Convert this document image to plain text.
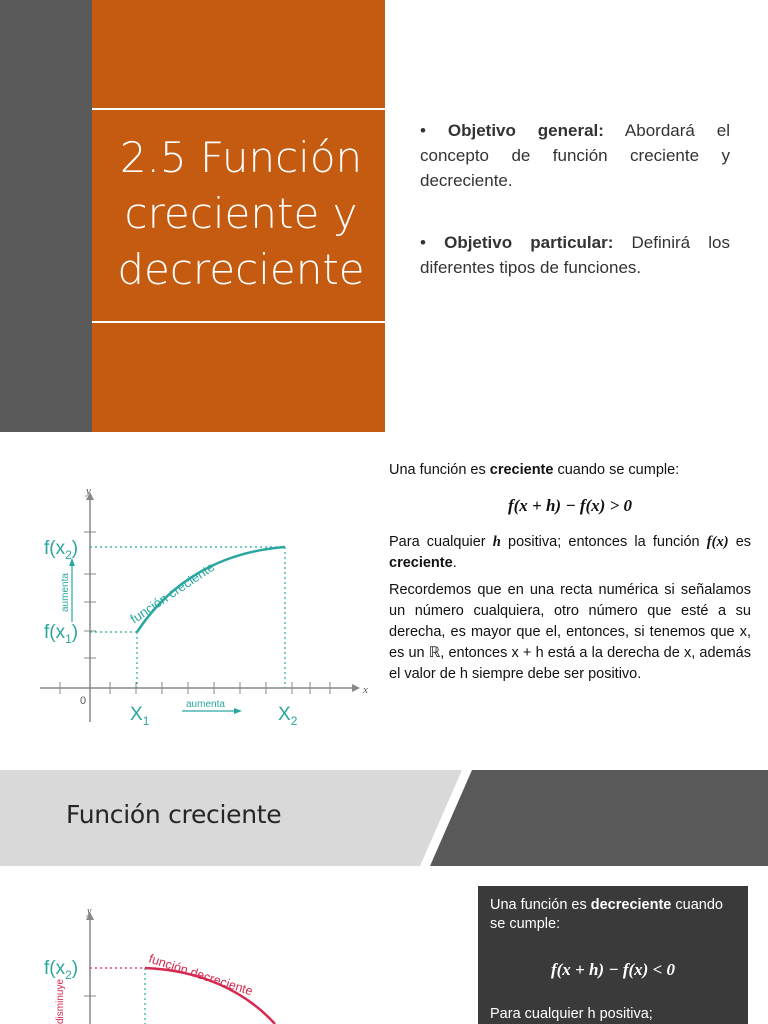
2.5 Función creciente y decreciente

• Objetivo general: Abordará el concepto de función creciente y decreciente.

• Objetivo particular: Definirá los diferentes tipos de funciones.

función creciente
y
x
0
$f(x_2)$
$f(x_1)$
aumenta
$X_1$	$X_2$
aumenta

Una función es creciente cuando se cumple:

f(x + h) − f(x) > 0

Para cualquier h positiva; entonces la función f(x) es creciente.

Recordemos que en una recta numérica si señalamos un número cualquiera, otro número que esté a su derecha, es mayor que el, entonces, si tenemos que x, es un ℝ, entonces x + h está a la derecha de x, además el valor de h siempre debe ser positivo.

Función creciente
y
función decreciente
$f(x_2)$
disminuye

Una función es decreciente cuando se cumple:

f(x + h) − f(x) < 0

Para cualquier h positiva;
